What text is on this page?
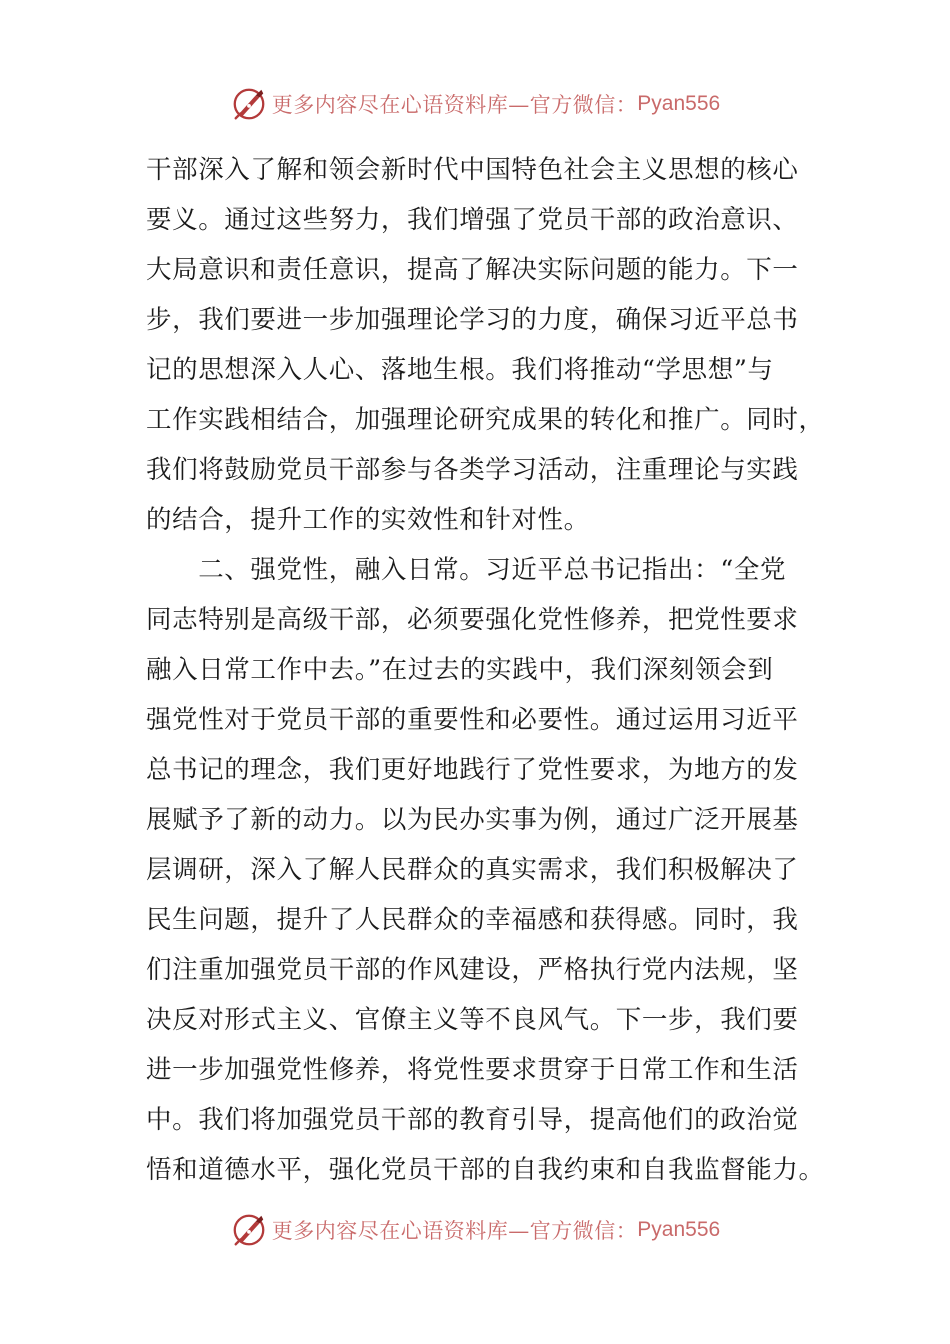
更多内容尽在心语资料库—官方微信： Pyan556
干部深入了解和领会新时代中国特色社会主义思想的核心
要义。通过这些努力，我们增强了党员干部的政治意识、
大局意识和责任意识，提高了解决实际问题的能力。下一
步，我们要进一步加强理论学习的力度，确保习近平总书
记的思想深入人心、落地生根。我们将推动“学思想”与
工作实践相结合，加强理论研究成果的转化和推广。同时，
我们将鼓励党员干部参与各类学习活动，注重理论与实践
的结合，提升工作的实效性和针对性。
　　二、强党性，融入日常。习近平总书记指出：“全党
同志特别是高级干部，必须要强化党性修养，把党性要求
融入日常工作中去。”在过去的实践中，我们深刻领会到
强党性对于党员干部的重要性和必要性。通过运用习近平
总书记的理念，我们更好地践行了党性要求，为地方的发
展赋予了新的动力。以为民办实事为例，通过广泛开展基
层调研，深入了解人民群众的真实需求，我们积极解决了
民生问题，提升了人民群众的幸福感和获得感。同时，我
们注重加强党员干部的作风建设，严格执行党内法规，坚
决反对形式主义、官僚主义等不良风气。下一步，我们要
进一步加强党性修养，将党性要求贯穿于日常工作和生活
中。我们将加强党员干部的教育引导，提高他们的政治觉
悟和道德水平，强化党员干部的自我约束和自我监督能力。
更多内容尽在心语资料库—官方微信： Pyan556
